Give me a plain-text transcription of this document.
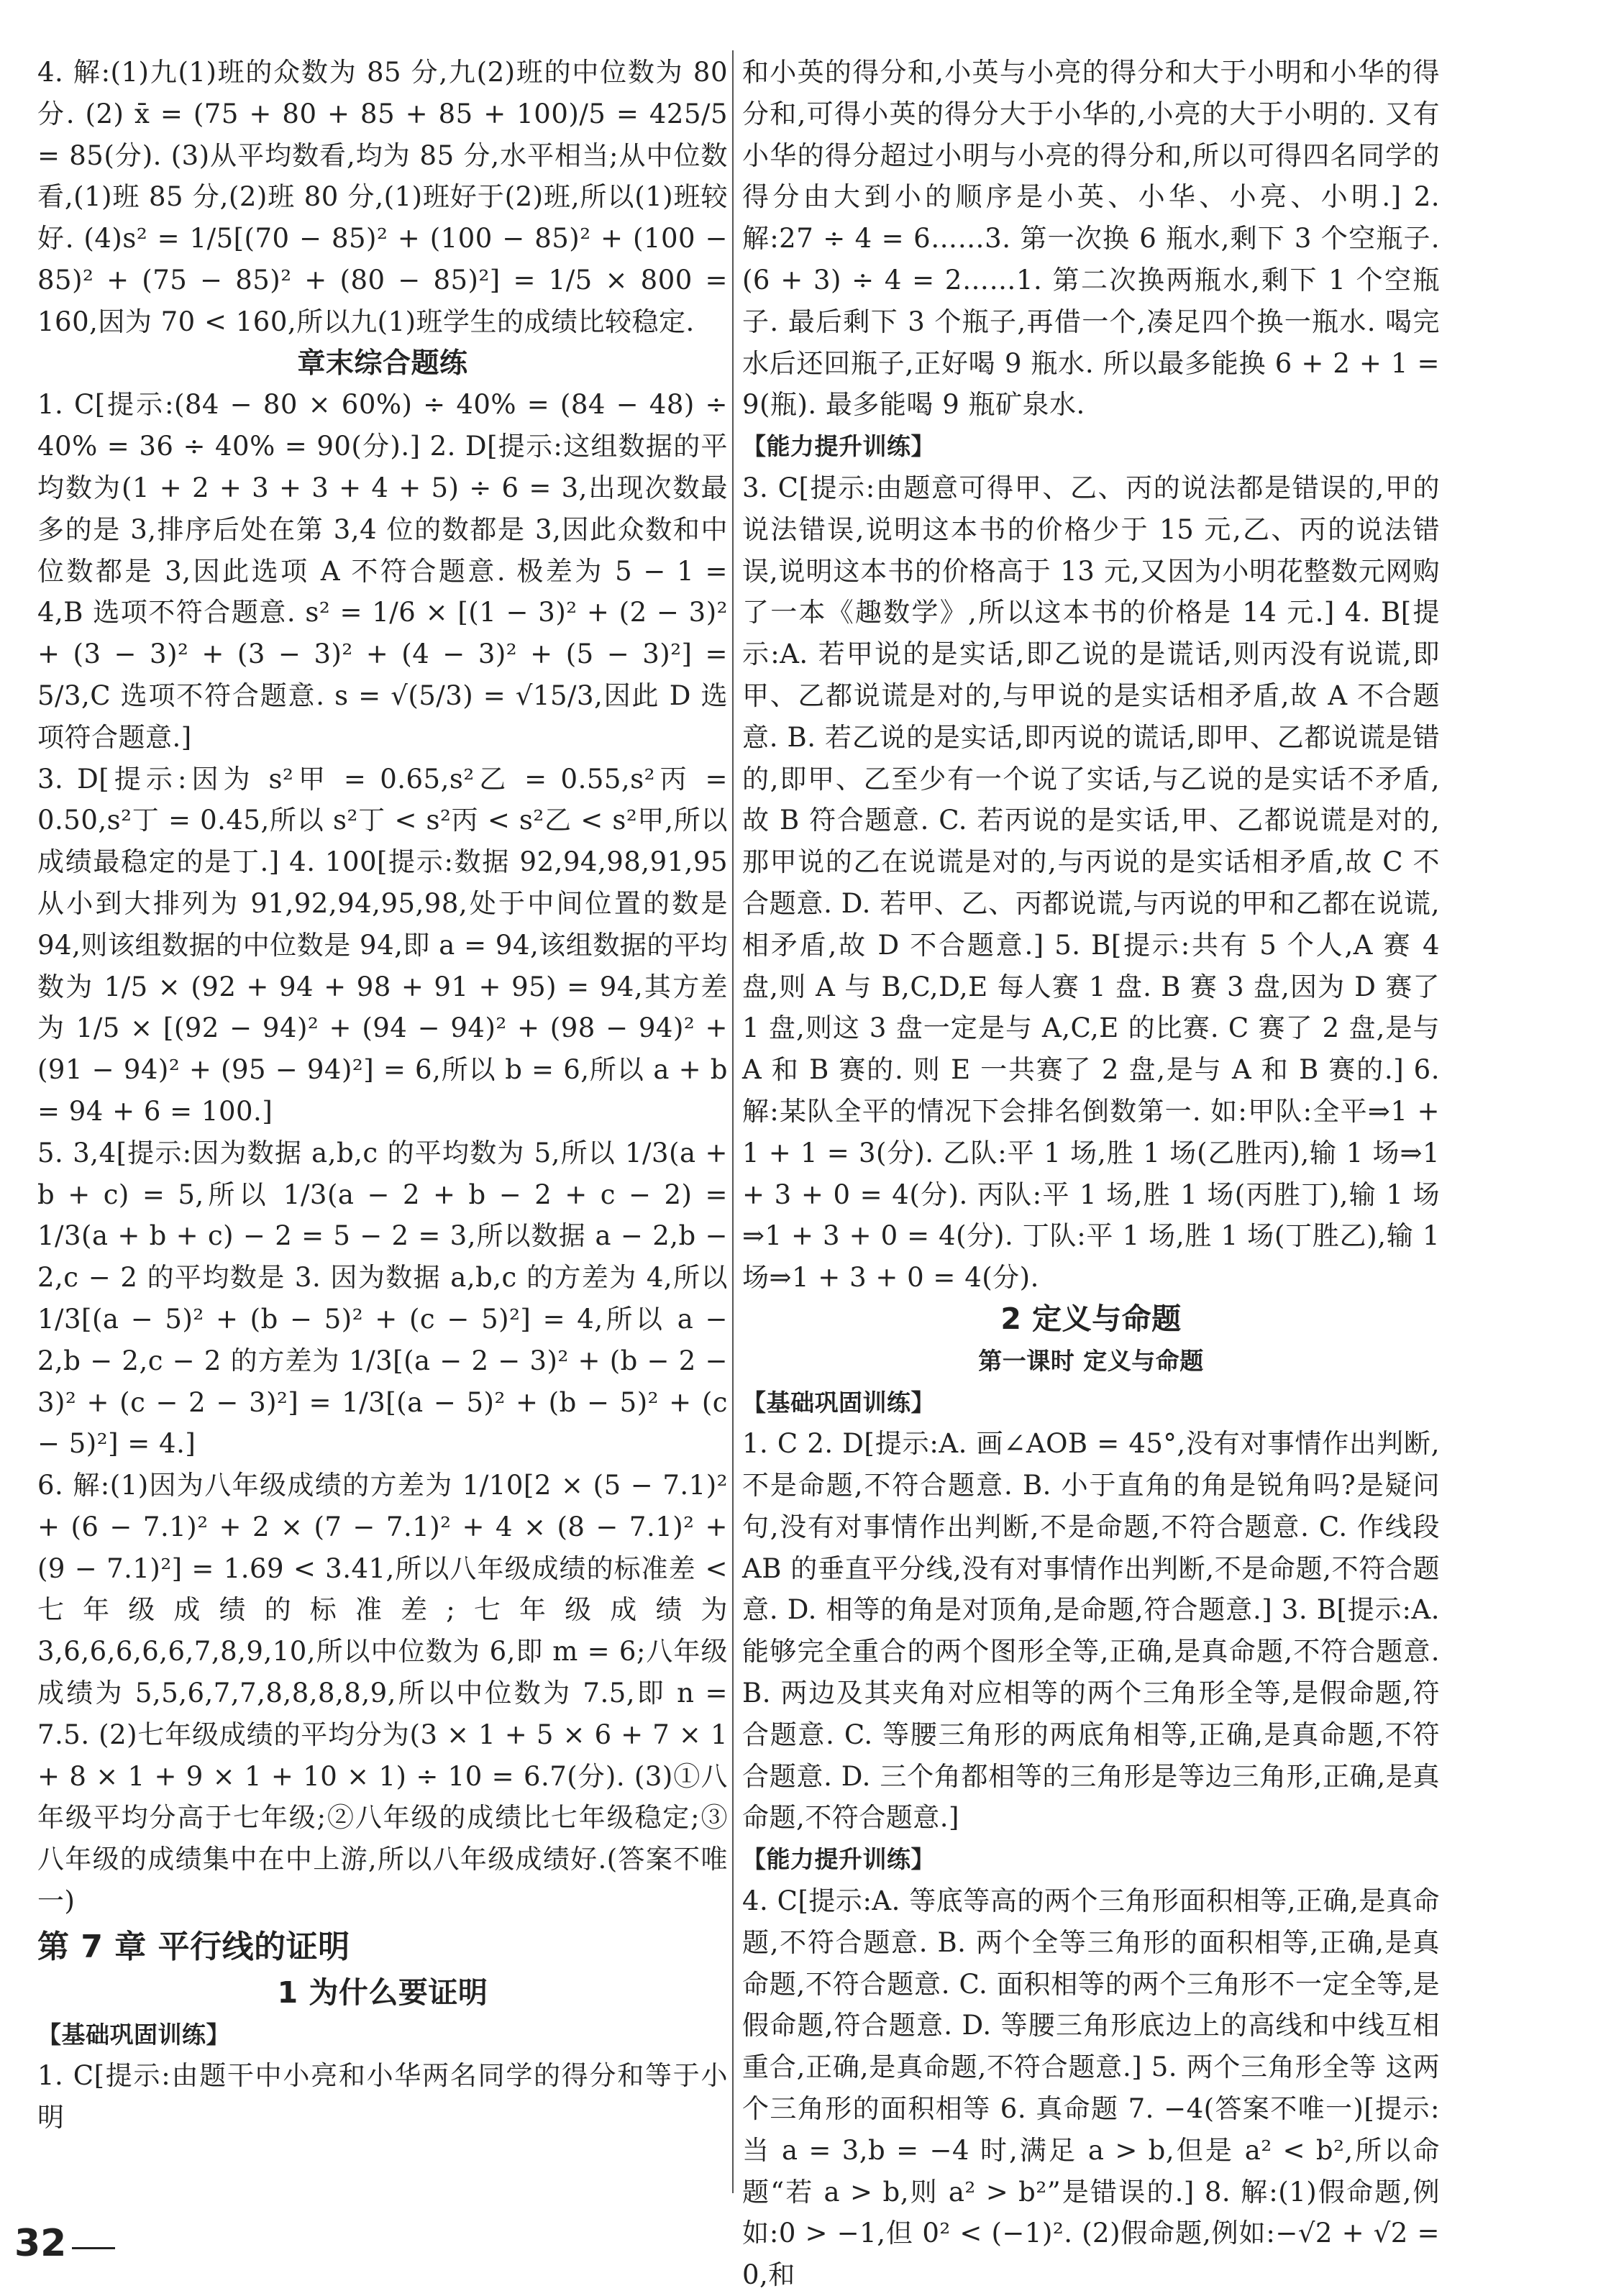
4. 解:(1)九(1)班的众数为 85 分,九(2)班的中位数为 80 分. (2) x̄ = (75 + 80 + 85 + 85 + 100)/5 = 425/5 = 85(分). (3)从平均数看,均为 85 分,水平相当;从中位数看,(1)班 85 分,(2)班 80 分,(1)班好于(2)班,所以(1)班较好. (4)s² = 1/5[(70 − 85)² + (100 − 85)² + (100 − 85)² + (75 − 85)² + (80 − 85)²] = 1/5 × 800 = 160,因为 70 < 160,所以九(1)班学生的成绩比较稳定.

章末综合题练

1. C[提示:(84 − 80 × 60%) ÷ 40% = (84 − 48) ÷ 40% = 36 ÷ 40% = 90(分).] 2. D[提示:这组数据的平均数为(1 + 2 + 3 + 3 + 4 + 5) ÷ 6 = 3,出现次数最多的是 3,排序后处在第 3,4 位的数都是 3,因此众数和中位数都是 3,因此选项 A 不符合题意. 极差为 5 − 1 = 4,B 选项不符合题意. s² = 1/6 × [(1 − 3)² + (2 − 3)² + (3 − 3)² + (3 − 3)² + (4 − 3)² + (5 − 3)²] = 5/3,C 选项不符合题意. s = √(5/3) = √15/3,因此 D 选项符合题意.]

3. D[提示:因为 s²甲 = 0.65,s²乙 = 0.55,s²丙 = 0.50,s²丁 = 0.45,所以 s²丁 < s²丙 < s²乙 < s²甲,所以成绩最稳定的是丁.] 4. 100[提示:数据 92,94,98,91,95 从小到大排列为 91,92,94,95,98,处于中间位置的数是 94,则该组数据的中位数是 94,即 a = 94,该组数据的平均数为 1/5 × (92 + 94 + 98 + 91 + 95) = 94,其方差为 1/5 × [(92 − 94)² + (94 − 94)² + (98 − 94)² + (91 − 94)² + (95 − 94)²] = 6,所以 b = 6,所以 a + b = 94 + 6 = 100.]

5. 3,4[提示:因为数据 a,b,c 的平均数为 5,所以 1/3(a + b + c) = 5,所以 1/3(a − 2 + b − 2 + c − 2) = 1/3(a + b + c) − 2 = 5 − 2 = 3,所以数据 a − 2,b − 2,c − 2 的平均数是 3. 因为数据 a,b,c 的方差为 4,所以 1/3[(a − 5)² + (b − 5)² + (c − 5)²] = 4,所以 a − 2,b − 2,c − 2 的方差为 1/3[(a − 2 − 3)² + (b − 2 − 3)² + (c − 2 − 3)²] = 1/3[(a − 5)² + (b − 5)² + (c − 5)²] = 4.]

6. 解:(1)因为八年级成绩的方差为 1/10[2 × (5 − 7.1)² + (6 − 7.1)² + 2 × (7 − 7.1)² + 4 × (8 − 7.1)² + (9 − 7.1)²] = 1.69 < 3.41,所以八年级成绩的标准差 < 七年级成绩的标准差;七年级成绩为 3,6,6,6,6,6,7,8,9,10,所以中位数为 6,即 m = 6;八年级成绩为 5,5,6,7,7,8,8,8,8,9,所以中位数为 7.5,即 n = 7.5. (2)七年级成绩的平均分为(3 × 1 + 5 × 6 + 7 × 1 + 8 × 1 + 9 × 1 + 10 × 1) ÷ 10 = 6.7(分). (3)①八年级平均分高于七年级;②八年级的成绩比七年级稳定;③八年级的成绩集中在中上游,所以八年级成绩好.(答案不唯一)

第 7 章 平行线的证明

1 为什么要证明

【基础巩固训练】

1. C[提示:由题干中小亮和小华两名同学的得分和等于小明

和小英的得分和,小英与小亮的得分和大于小明和小华的得分和,可得小英的得分大于小华的,小亮的大于小明的. 又有小华的得分超过小明与小亮的得分和,所以可得四名同学的得分由大到小的顺序是小英、小华、小亮、小明.] 2. 解:27 ÷ 4 = 6……3. 第一次换 6 瓶水,剩下 3 个空瓶子.(6 + 3) ÷ 4 = 2……1. 第二次换两瓶水,剩下 1 个空瓶子. 最后剩下 3 个瓶子,再借一个,凑足四个换一瓶水. 喝完水后还回瓶子,正好喝 9 瓶水. 所以最多能换 6 + 2 + 1 = 9(瓶). 最多能喝 9 瓶矿泉水.

【能力提升训练】

3. C[提示:由题意可得甲、乙、丙的说法都是错误的,甲的说法错误,说明这本书的价格少于 15 元,乙、丙的说法错误,说明这本书的价格高于 13 元,又因为小明花整数元网购了一本《趣数学》,所以这本书的价格是 14 元.] 4. B[提示:A. 若甲说的是实话,即乙说的是谎话,则丙没有说谎,即甲、乙都说谎是对的,与甲说的是实话相矛盾,故 A 不合题意. B. 若乙说的是实话,即丙说的谎话,即甲、乙都说谎是错的,即甲、乙至少有一个说了实话,与乙说的是实话不矛盾,故 B 符合题意. C. 若丙说的是实话,甲、乙都说谎是对的,那甲说的乙在说谎是对的,与丙说的是实话相矛盾,故 C 不合题意. D. 若甲、乙、丙都说谎,与丙说的甲和乙都在说谎,相矛盾,故 D 不合题意.] 5. B[提示:共有 5 个人,A 赛 4 盘,则 A 与 B,C,D,E 每人赛 1 盘. B 赛 3 盘,因为 D 赛了 1 盘,则这 3 盘一定是与 A,C,E 的比赛. C 赛了 2 盘,是与 A 和 B 赛的. 则 E 一共赛了 2 盘,是与 A 和 B 赛的.] 6. 解:某队全平的情况下会排名倒数第一. 如:甲队:全平⇒1 + 1 + 1 = 3(分). 乙队:平 1 场,胜 1 场(乙胜丙),输 1 场⇒1 + 3 + 0 = 4(分). 丙队:平 1 场,胜 1 场(丙胜丁),输 1 场⇒1 + 3 + 0 = 4(分). 丁队:平 1 场,胜 1 场(丁胜乙),输 1 场⇒1 + 3 + 0 = 4(分).

2 定义与命题

第一课时 定义与命题

【基础巩固训练】

1. C 2. D[提示:A. 画∠AOB = 45°,没有对事情作出判断,不是命题,不符合题意. B. 小于直角的角是锐角吗?是疑问句,没有对事情作出判断,不是命题,不符合题意. C. 作线段 AB 的垂直平分线,没有对事情作出判断,不是命题,不符合题意. D. 相等的角是对顶角,是命题,符合题意.] 3. B[提示:A. 能够完全重合的两个图形全等,正确,是真命题,不符合题意. B. 两边及其夹角对应相等的两个三角形全等,是假命题,符合题意. C. 等腰三角形的两底角相等,正确,是真命题,不符合题意. D. 三个角都相等的三角形是等边三角形,正确,是真命题,不符合题意.]

【能力提升训练】

4. C[提示:A. 等底等高的两个三角形面积相等,正确,是真命题,不符合题意. B. 两个全等三角形的面积相等,正确,是真命题,不符合题意. C. 面积相等的两个三角形不一定全等,是假命题,符合题意. D. 等腰三角形底边上的高线和中线互相重合,正确,是真命题,不符合题意.] 5. 两个三角形全等 这两个三角形的面积相等 6. 真命题 7. −4(答案不唯一)[提示:当 a = 3,b = −4 时,满足 a > b,但是 a² < b²,所以命题“若 a > b,则 a² > b²”是错误的.] 8. 解:(1)假命题,例如:0 > −1,但 0² < (−1)². (2)假命题,例如:−√2 + √2 = 0,和

32
